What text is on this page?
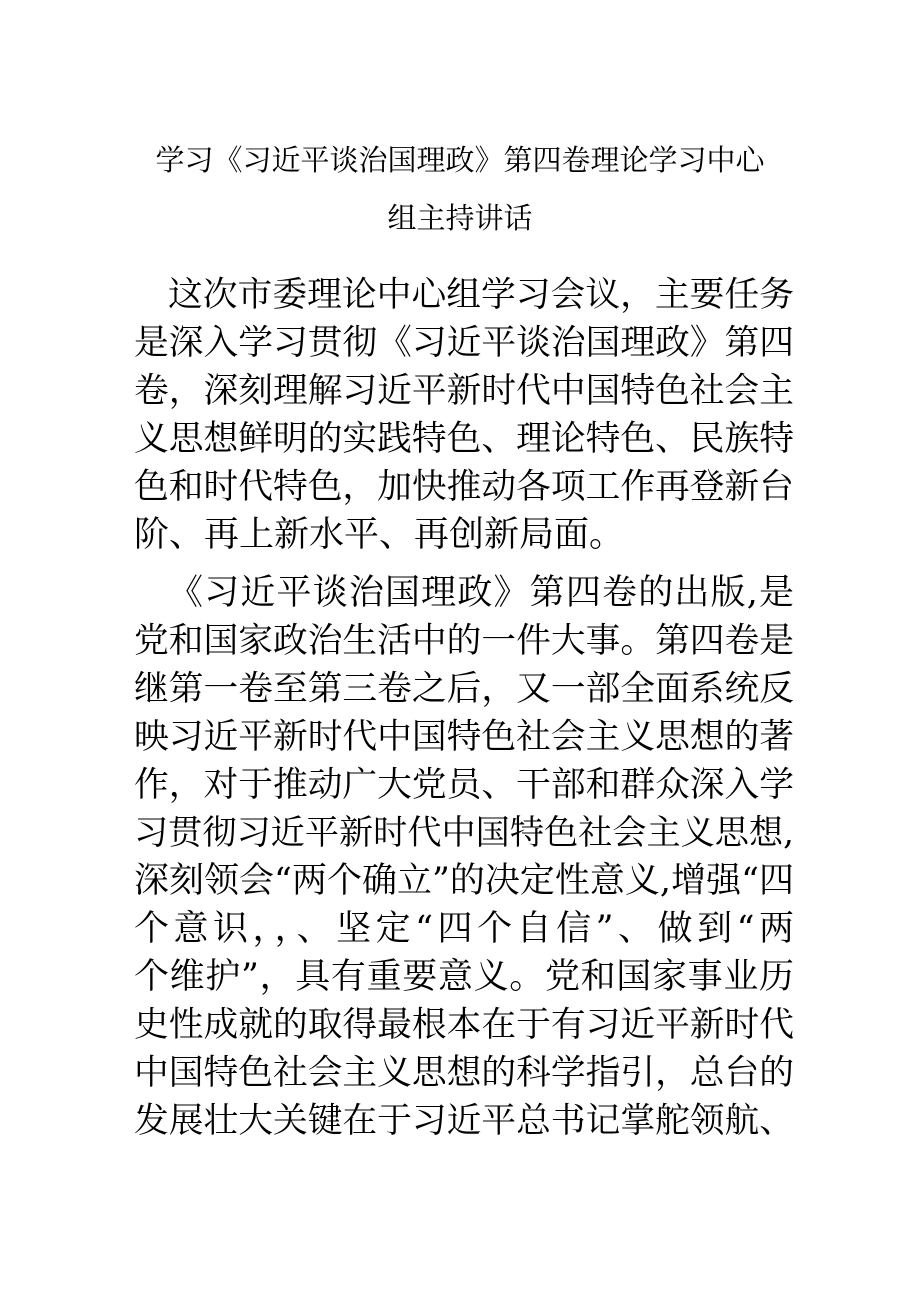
学习《习近平谈治国理政》第四卷理论学习中心
组主持讲话
这次市委理论中心组学习会议，主要任务
是深入学习贯彻《习近平谈治国理政》第四
卷，深刻理解习近平新时代中国特色社会主
义思想鲜明的实践特色、理论特色、民族特
色和时代特色，加快推动各项工作再登新台
阶、再上新水平、再创新局面。
《习近平谈治国理政》第四卷的出版,是
党和国家政治生活中的一件大事。第四卷是
继第一卷至第三卷之后，又一部全面系统反
映习近平新时代中国特色社会主义思想的著
作，对于推动广大党员、干部和群众深入学
习贯彻习近平新时代中国特色社会主义思想,
深刻领会“两个确立”的决定性意义,增强“四
个意识，，、坚定“四个自信”、做到“两
个维护”，具有重要意义。党和国家事业历
史性成就的取得最根本在于有习近平新时代
中国特色社会主义思想的科学指引，总台的
发展壮大关键在于习近平总书记掌舵领航、
